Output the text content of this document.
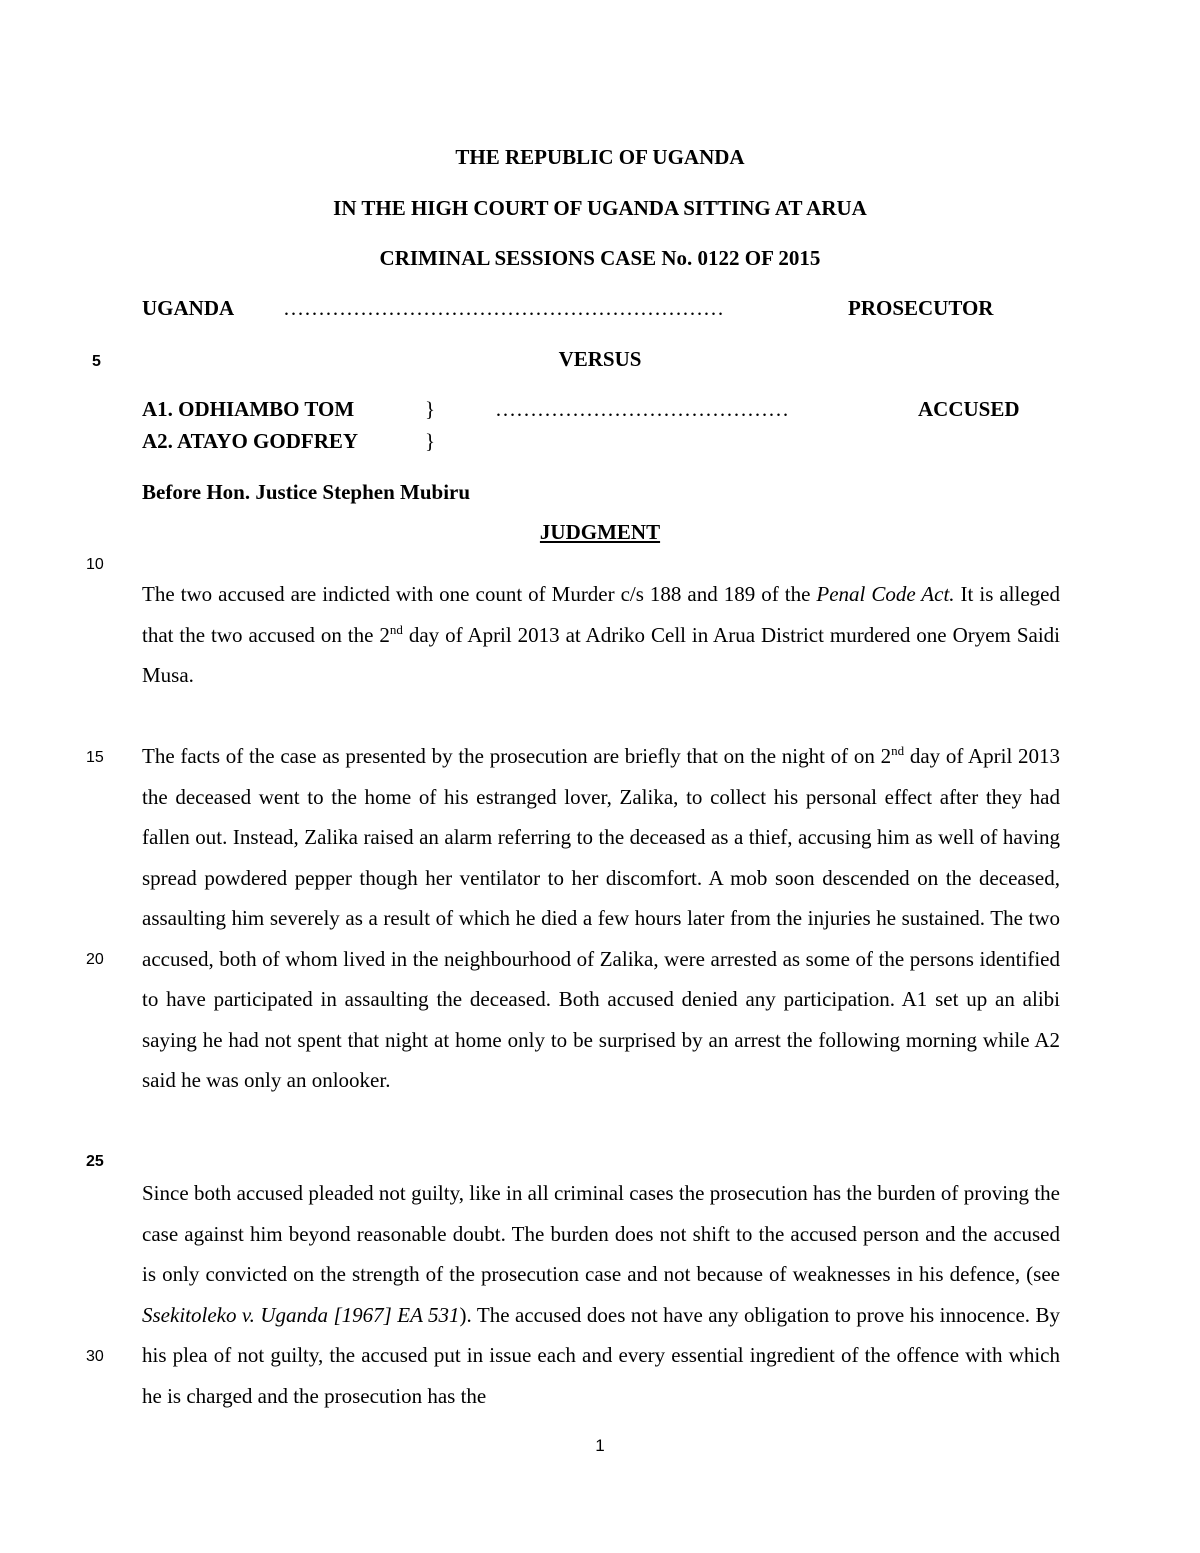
THE REPUBLIC OF UGANDA
IN THE HIGH COURT OF UGANDA SITTING AT ARUA
CRIMINAL SESSIONS CASE No. 0122 OF 2015
UGANDA ………………………………………………………	PROSECUTOR
5	VERSUS
A1. ODHIAMBO TOM	}	……………………………………	ACCUSED
A2. ATAYO GODFREY	}
Before Hon. Justice Stephen Mubiru
JUDGMENT
10
15
20
25
30
The two accused are indicted with one count of Murder c/s 188 and 189 of the Penal Code Act. It is alleged that the two accused on the 2nd day of April 2013 at Adriko Cell in Arua District murdered one Oryem Saidi Musa.
The facts of the case as presented by the prosecution are briefly that on the night of on 2nd day of April 2013 the deceased went to the home of his estranged lover, Zalika, to collect his personal effect after they had fallen out. Instead, Zalika raised an alarm referring to the deceased as a thief, accusing him as well of having spread powdered pepper though her ventilator to her discomfort. A mob soon descended on the deceased, assaulting him severely as a result of which he died a few hours later from the injuries he sustained. The two accused, both of whom lived in the neighbourhood of Zalika, were arrested as some of the persons identified to have participated in assaulting the deceased. Both accused denied any participation. A1 set up an alibi saying he had not spent that night at home only to be surprised by an arrest the following morning while A2 said he was only an onlooker.
Since both accused pleaded not guilty, like in all criminal cases the prosecution has the burden of proving the case against him beyond reasonable doubt. The burden does not shift to the accused person and the accused is only convicted on the strength of the prosecution case and not because of weaknesses in his defence, (see Ssekitoleko v. Uganda [1967] EA 531). The accused does not have any obligation to prove his innocence. By his plea of not guilty, the accused put in issue each and every essential ingredient of the offence with which he is charged and the prosecution has the
1
